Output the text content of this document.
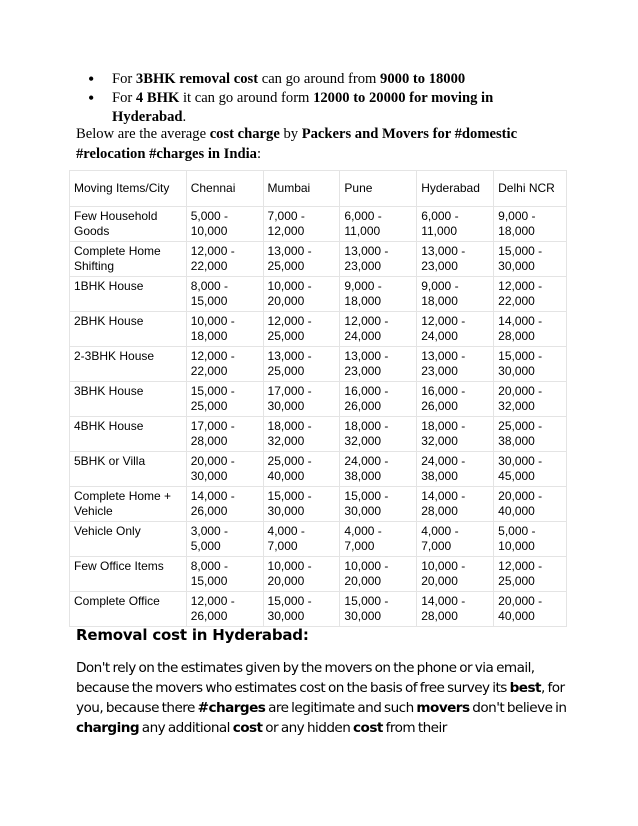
• For 3BHK removal cost can go around from 9000 to 18000
• For 4 BHK it can go around form 12000 to 20000 for moving in Hyderabad.

Below are the average cost charge by Packers and Movers for #domestic #relocation #charges in India:

Moving Items/City	Chennai	Mumbai	Pune	Hyderabad	Delhi NCR
Few Household Goods	5,000 - 10,000	7,000 - 12,000	6,000 - 11,000	6,000 - 11,000	9,000 - 18,000
Complete Home Shifting	12,000 - 22,000	13,000 - 25,000	13,000 - 23,000	13,000 - 23,000	15,000 - 30,000
1BHK House	8,000 - 15,000	10,000 - 20,000	9,000 - 18,000	9,000 - 18,000	12,000 - 22,000
2BHK House	10,000 - 18,000	12,000 - 25,000	12,000 - 24,000	12,000 - 24,000	14,000 - 28,000
2-3BHK House	12,000 - 22,000	13,000 - 25,000	13,000 - 23,000	13,000 - 23,000	15,000 - 30,000
3BHK House	15,000 - 25,000	17,000 - 30,000	16,000 - 26,000	16,000 - 26,000	20,000 - 32,000
4BHK House	17,000 - 28,000	18,000 - 32,000	18,000 - 32,000	18,000 - 32,000	25,000 - 38,000
5BHK or Villa	20,000 - 30,000	25,000 - 40,000	24,000 - 38,000	24,000 - 38,000	30,000 - 45,000
Complete Home + Vehicle	14,000 - 26,000	15,000 - 30,000	15,000 - 30,000	14,000 - 28,000	20,000 - 40,000
Vehicle Only	3,000 - 5,000	4,000 - 7,000	4,000 - 7,000	4,000 - 7,000	5,000 - 10,000
Few Office Items	8,000 - 15,000	10,000 - 20,000	10,000 - 20,000	10,000 - 20,000	12,000 - 25,000
Complete Office	12,000 - 26,000	15,000 - 30,000	15,000 - 30,000	14,000 - 28,000	20,000 - 40,000
Removal cost in Hyderabad:

Don't rely on the estimates given by the movers on the phone or via email, because the movers who estimates cost on the basis of free survey its best, for you, because there #charges are legitimate and such movers don't believe in charging any additional cost or any hidden cost from their
